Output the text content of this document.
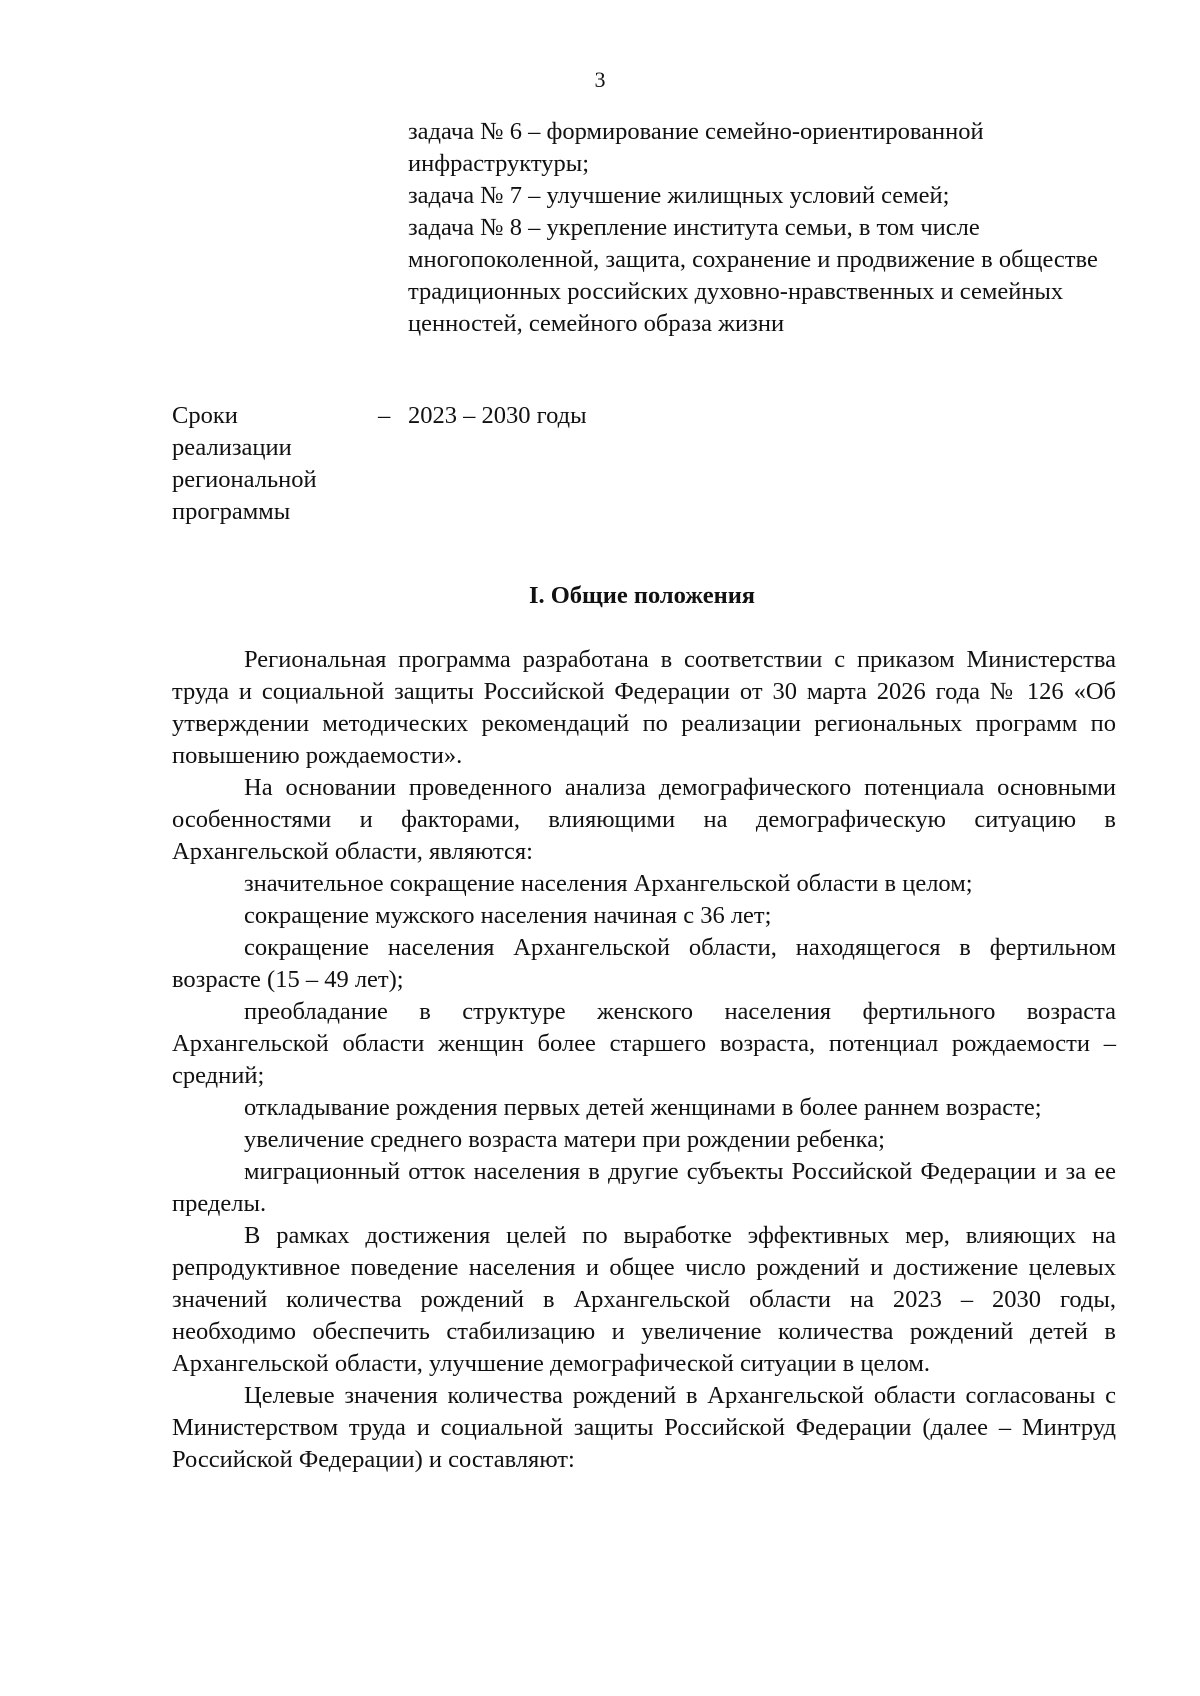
3

задача № 6 – формирование семейно-ориентированной инфраструктуры;

задача № 7 – улучшение жилищных условий семей;

задача № 8 – укрепление института семьи, в том числе многопоколенной, защита, сохранение и продвижение в обществе традиционных российских духовно-нравственных и семейных ценностей, семейного образа жизни

Сроки
реализации
региональной
программы
– 2023 – 2030 годы
I. Общие положения

Региональная программа разработана в соответствии с приказом Министерства труда и социальной защиты Российской Федерации от 30 марта 2026 года № 126 «Об утверждении методических рекомендаций по реализации региональных программ по повышению рождаемости».

На основании проведенного анализа демографического потенциала основными особенностями и факторами, влияющими на демографическую ситуацию в Архангельской области, являются:

значительное сокращение населения Архангельской области в целом;

сокращение мужского населения начиная с 36 лет;

сокращение населения Архангельской области, находящегося в фертильном возрасте (15 – 49 лет);

преобладание в структуре женского населения фертильного возраста Архангельской области женщин более старшего возраста, потенциал рождаемости – средний;

откладывание рождения первых детей женщинами в более раннем возрасте;

увеличение среднего возраста матери при рождении ребенка;

миграционный отток населения в другие субъекты Российской Федерации и за ее пределы.

В рамках достижения целей по выработке эффективных мер, влияющих на репродуктивное поведение населения и общее число рождений и достижение целевых значений количества рождений в Архангельской области на 2023 – 2030 годы, необходимо обеспечить стабилизацию и увеличение количества рождений детей в Архангельской области, улучшение демографической ситуации в целом.

Целевые значения количества рождений в Архангельской области согласованы с Министерством труда и социальной защиты Российской Федерации (далее – Минтруд Российской Федерации) и составляют:
